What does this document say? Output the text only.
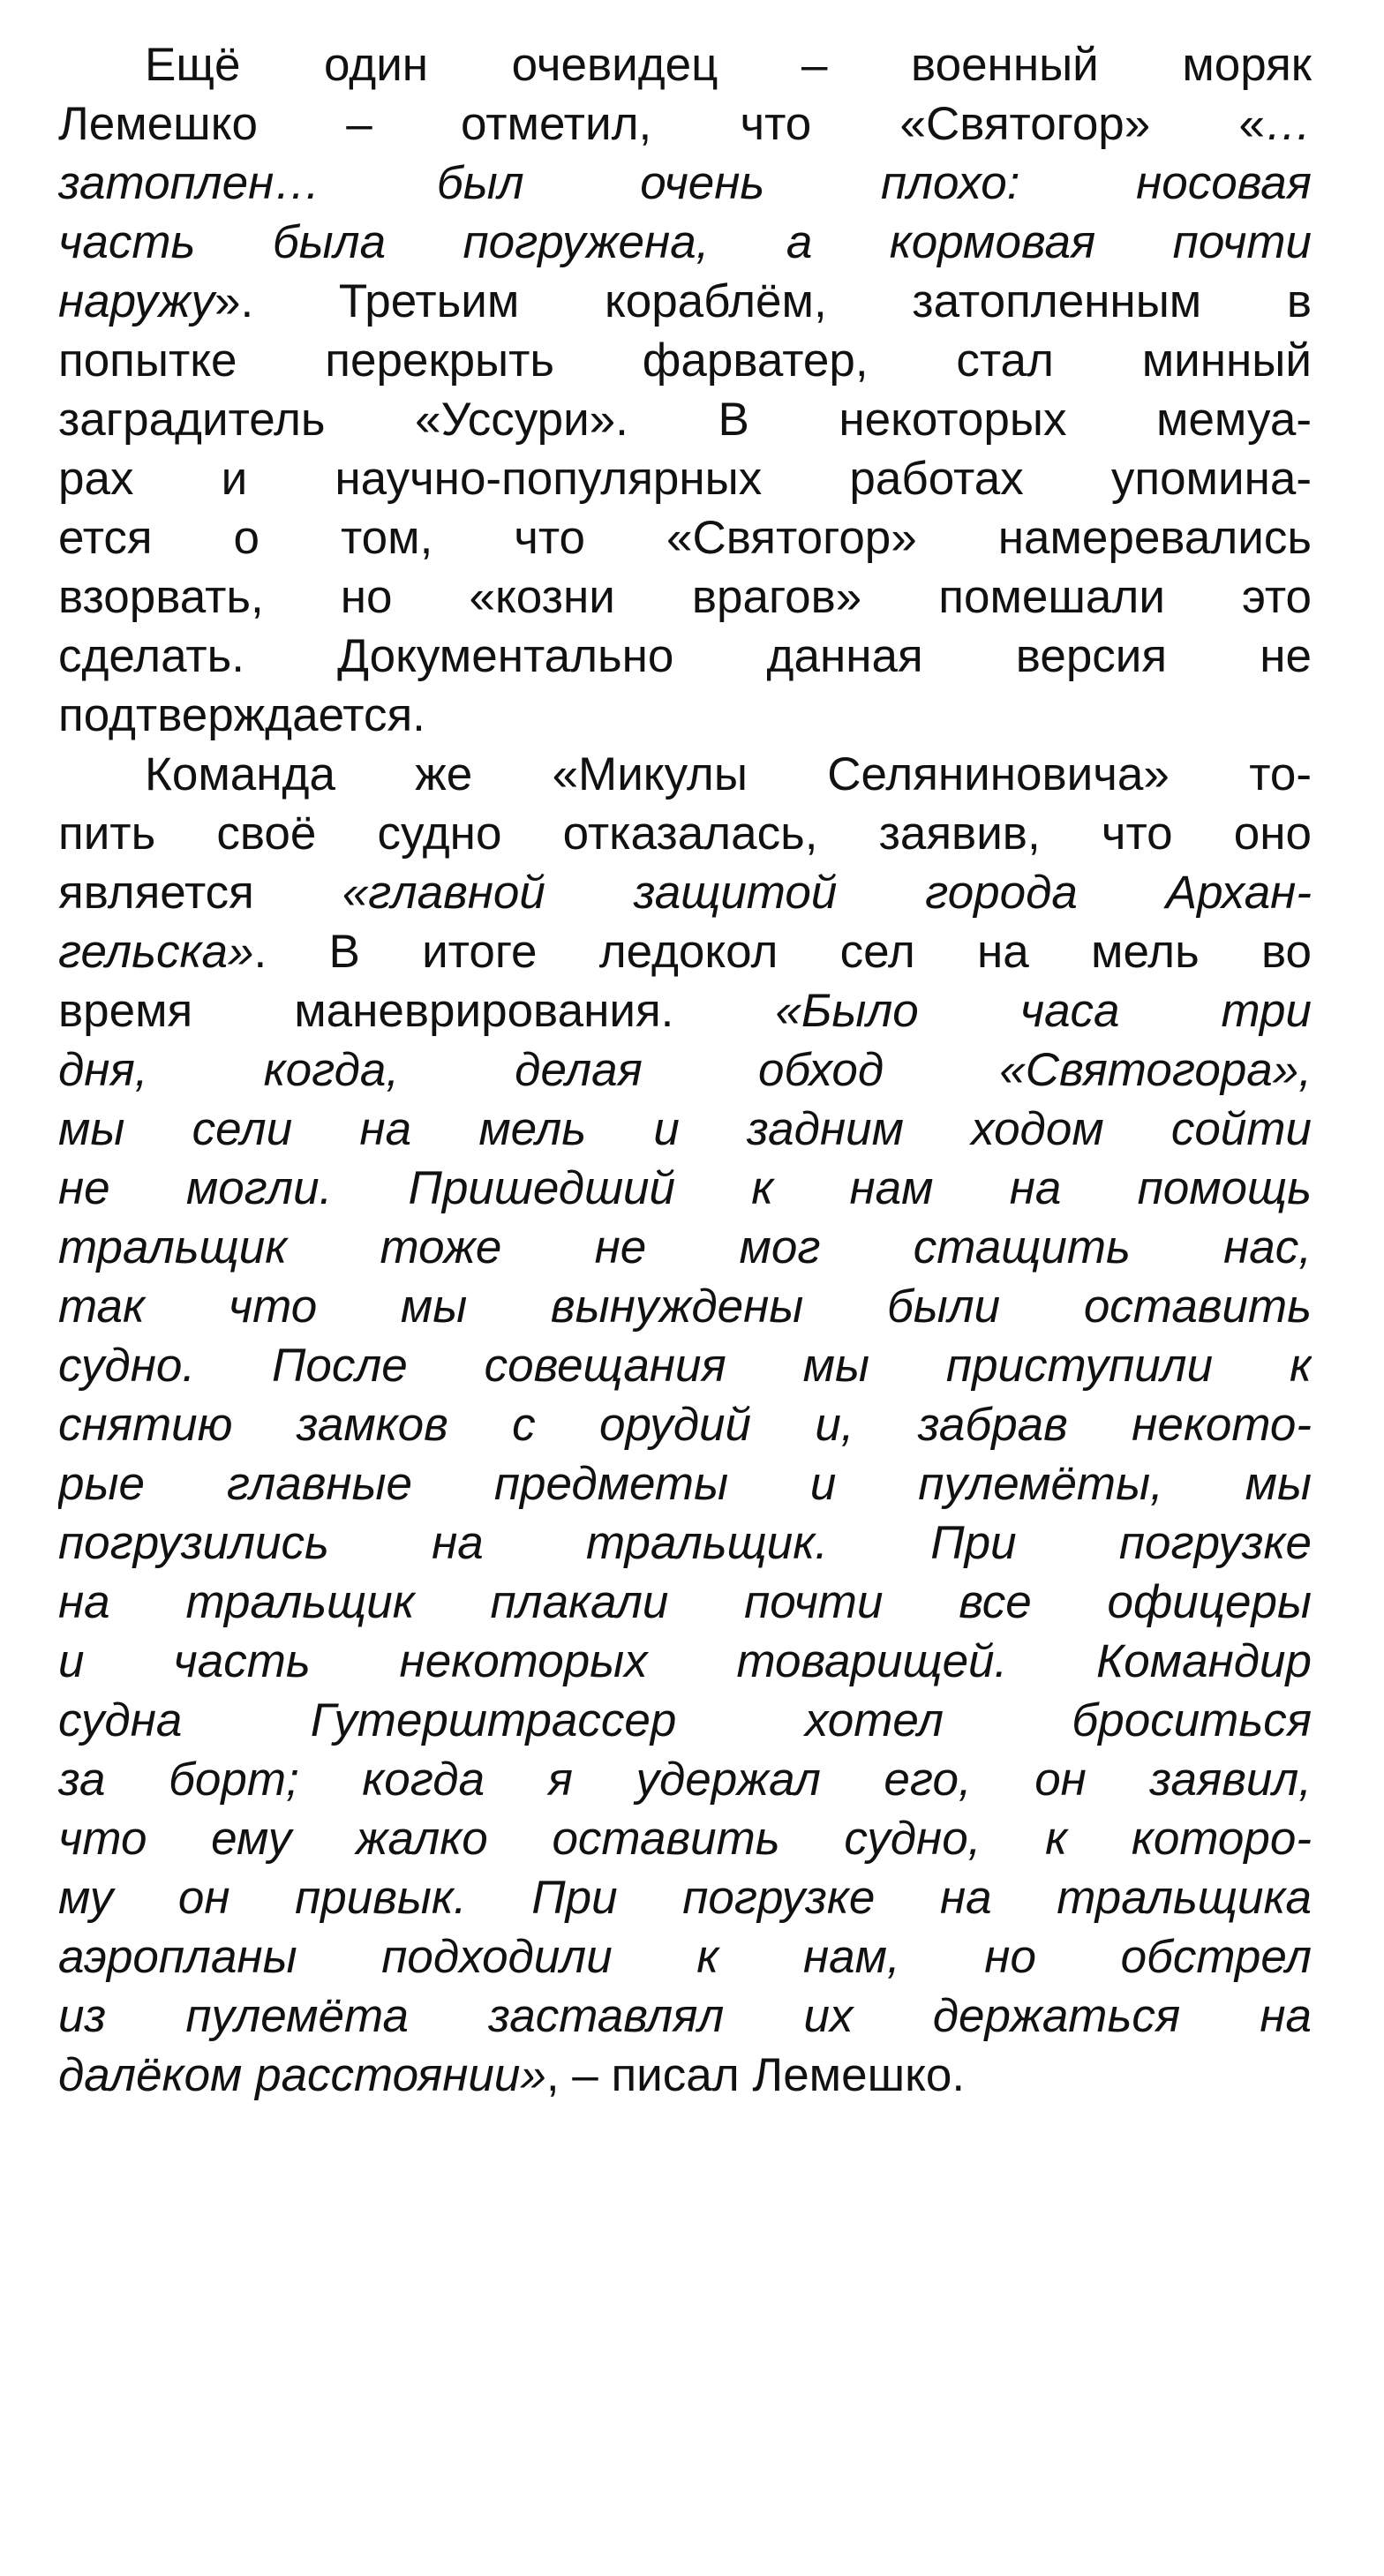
Ещё один очевидец – военный моряк
Лемешко – отметил, что «Святогор» «…
затоплен… был очень плохо: носовая
часть была погружена, а кормовая почти
наружу». Третьим кораблём, затопленным в
попытке перекрыть фарватер, стал минный
заградитель «Уссури». В некоторых мемуа-
рах и научно-популярных работах упомина-
ется о том, что «Святогор» намеревались
взорвать, но «козни врагов» помешали это
сделать. Документально данная версия не
подтверждается.
Команда же «Микулы Селяниновича» то-
пить своё судно отказалась, заявив, что оно
является «главной защитой города Архан-
гельска». В итоге ледокол сел на мель во
время маневрирования. «Было часа три
дня, когда, делая обход «Святогора»,
мы сели на мель и задним ходом сойти
не могли. Пришедший к нам на помощь
тральщик тоже не мог стащить нас,
так что мы вынуждены были оставить
судно. После совещания мы приступили к
снятию замков с орудий и, забрав некото-
рые главные предметы и пулемёты, мы
погрузились на тральщик. При погрузке
на тральщик плакали почти все офицеры
и часть некоторых товарищей. Командир
судна Гутерштрассер хотел броситься
за борт; когда я удержал его, он заявил,
что ему жалко оставить судно, к которо-
му он привык. При погрузке на тральщика
аэропланы подходили к нам, но обстрел
из пулемёта заставлял их держаться на
далёком расстоянии», – писал Лемешко.
